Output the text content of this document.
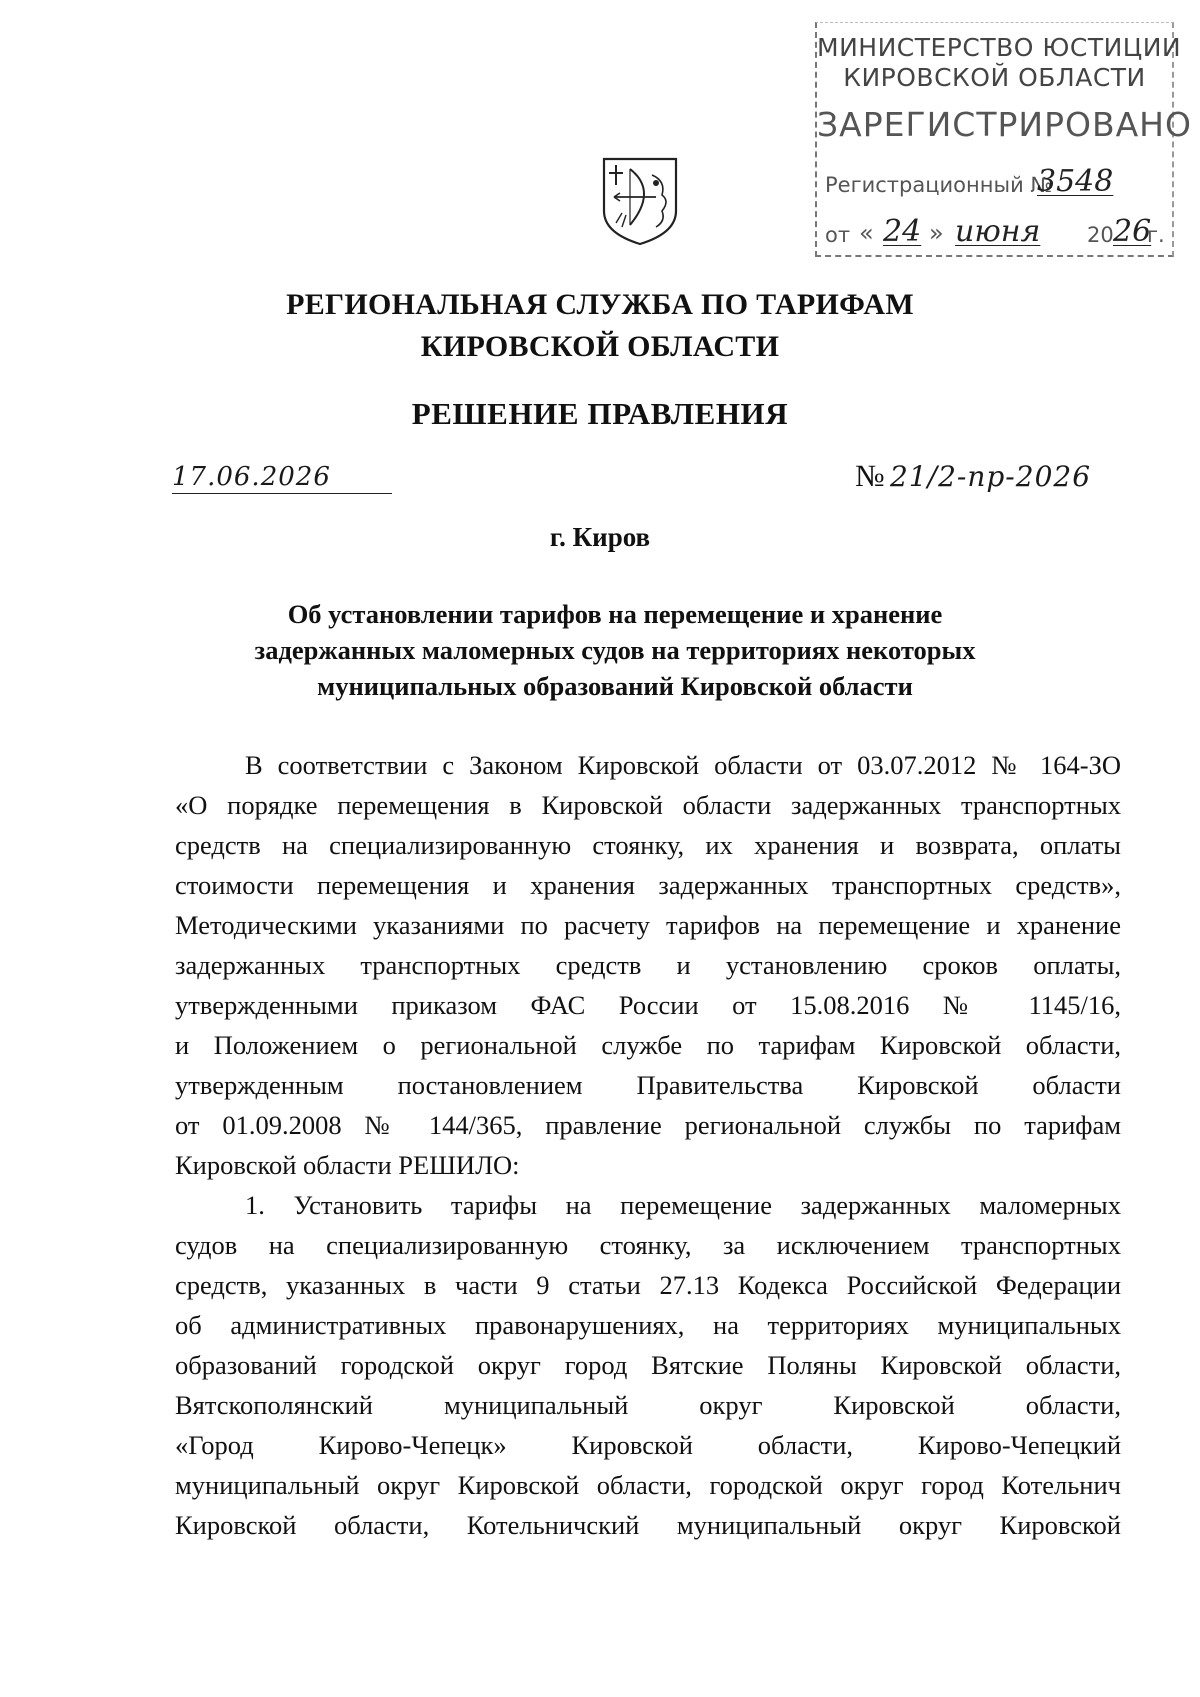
МИНИСТЕРСТВО ЮСТИЦИИ
КИРОВСКОЙ ОБЛАСТИ
ЗАРЕГИСТРИРОВАНО
Регистрационный №
3548
от « 24 » июня 20 26
г.
РЕГИОНАЛЬНАЯ СЛУЖБА ПО ТАРИФАМ
КИРОВСКОЙ ОБЛАСТИ
РЕШЕНИЕ ПРАВЛЕНИЯ
17.06.2026	№ 21/2-пр-2026
г. Киров
Об установлении тарифов на перемещение и хранение
задержанных маломерных судов на территориях некоторых
муниципальных образований Кировской области
В соответствии с Законом Кировской области от 03.07.2012 № 164-ЗО
«О порядке перемещения в Кировской области задержанных транспортных
средств на специализированную стоянку, их хранения и возврата, оплаты
стоимости перемещения и хранения задержанных транспортных средств»,
Методическими указаниями по расчету тарифов на перемещение и хранение
задержанных транспортных средств и установлению сроков оплаты,
утвержденными приказом ФАС России от 15.08.2016 № 1145/16,
и Положением о региональной службе по тарифам Кировской области,
утвержденным постановлением Правительства Кировской области
от 01.09.2008 № 144/365, правление региональной службы по тарифам
Кировской области РЕШИЛО:
1. Установить тарифы на перемещение задержанных маломерных
судов на специализированную стоянку, за исключением транспортных
средств, указанных в части 9 статьи 27.13 Кодекса Российской Федерации
об административных правонарушениях, на территориях муниципальных
образований городской округ город Вятские Поляны Кировской области,
Вятскополянский муниципальный округ Кировской области,
«Город Кирово-Чепецк» Кировской области, Кирово-Чепецкий
муниципальный округ Кировской области, городской округ город Котельнич
Кировской области, Котельничский муниципальный округ Кировской
